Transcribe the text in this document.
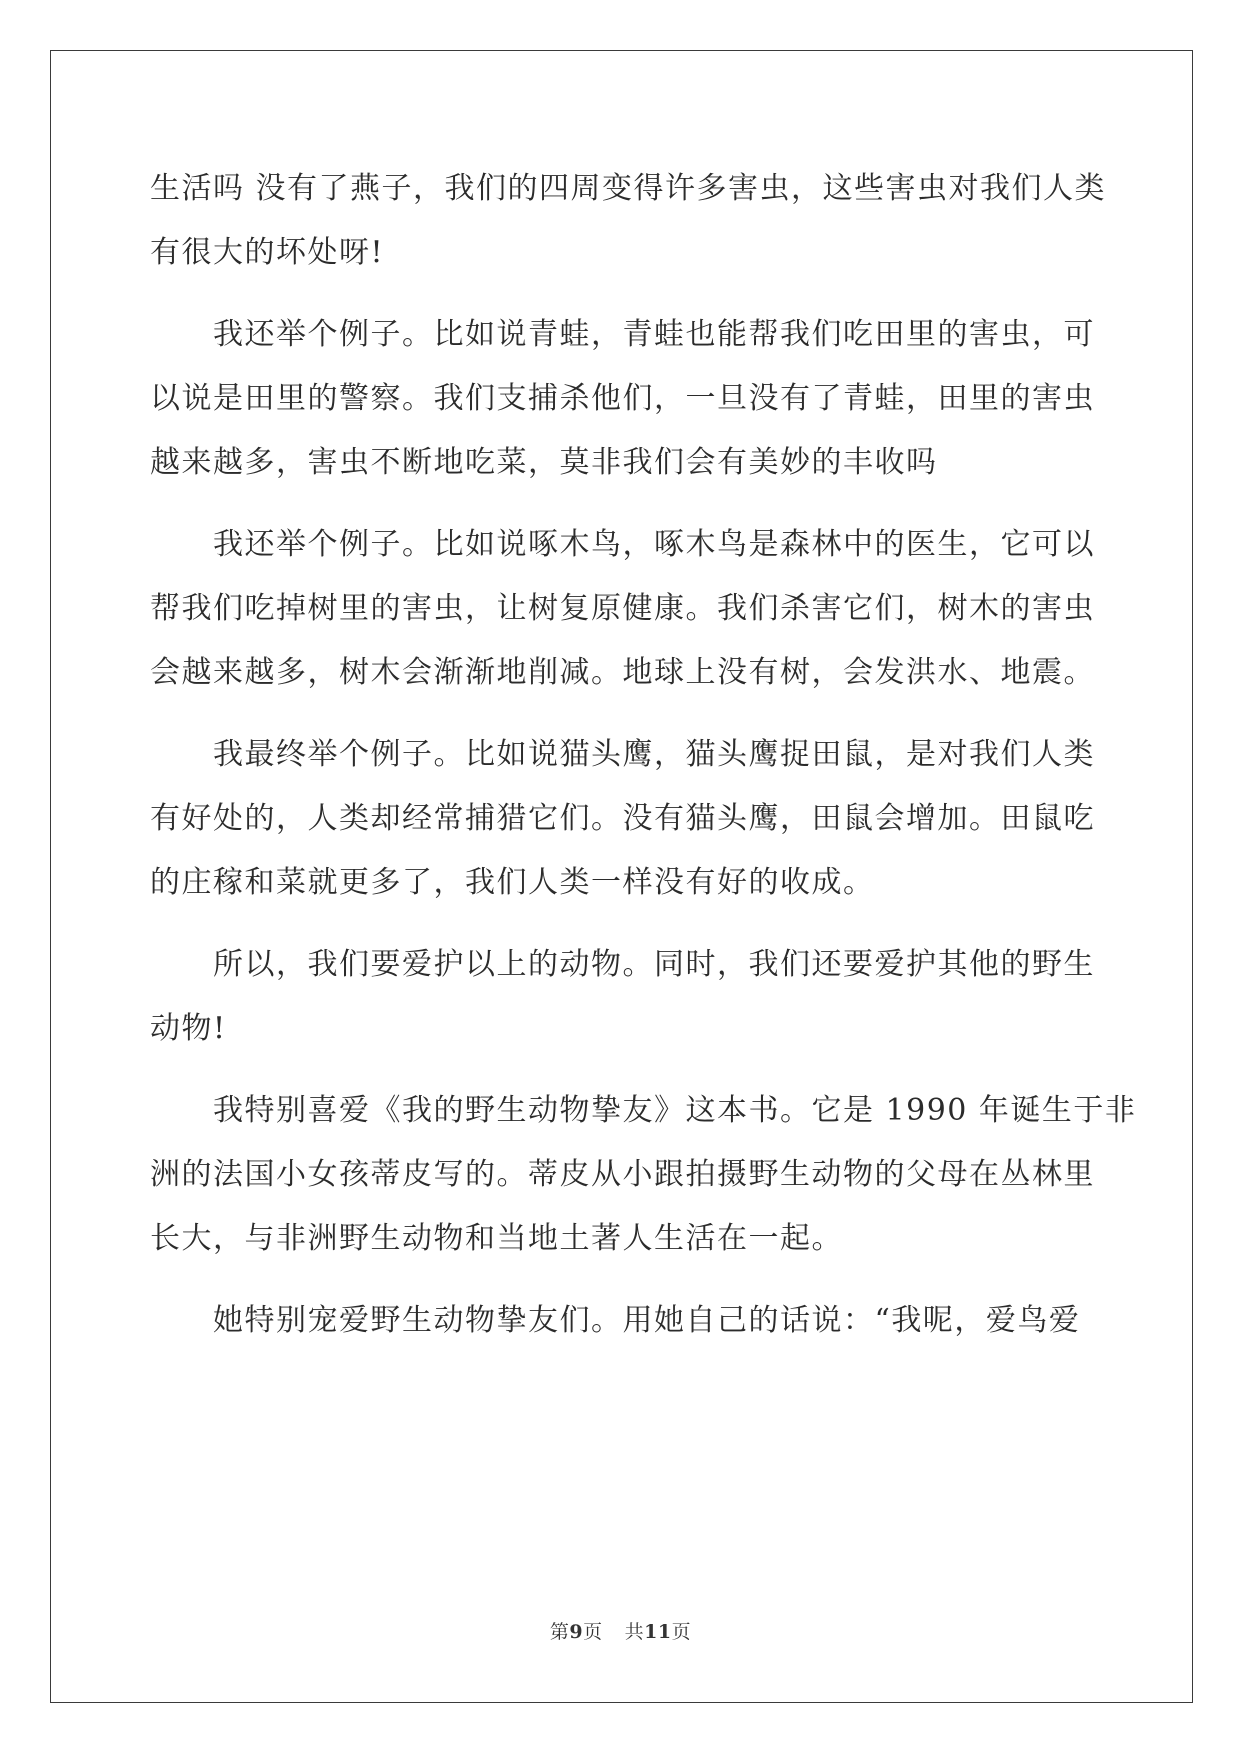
生活吗 没有了燕子，我们的四周变得许多害虫，这些害虫对我们人类
有很大的坏处呀!
　　我还举个例子。比如说青蛙，青蛙也能帮我们吃田里的害虫，可
以说是田里的警察。我们支捕杀他们，一旦没有了青蛙，田里的害虫
越来越多，害虫不断地吃菜，莫非我们会有美妙的丰收吗
　　我还举个例子。比如说啄木鸟，啄木鸟是森林中的医生，它可以
帮我们吃掉树里的害虫，让树复原健康。我们杀害它们，树木的害虫
会越来越多，树木会渐渐地削减。地球上没有树，会发洪水、地震。
　　我最终举个例子。比如说猫头鹰，猫头鹰捉田鼠，是对我们人类
有好处的，人类却经常捕猎它们。没有猫头鹰，田鼠会增加。田鼠吃
的庄稼和菜就更多了，我们人类一样没有好的收成。
　　所以，我们要爱护以上的动物。同时，我们还要爱护其他的野生
动物!
　　我特别喜爱《我的野生动物挚友》这本书。它是 1990 年诞生于非
洲的法国小女孩蒂皮写的。蒂皮从小跟拍摄野生动物的父母在丛林里
长大，与非洲野生动物和当地土著人生活在一起。
　　她特别宠爱野生动物挚友们。用她自己的话说：“我呢，爱鸟爱
第9页 共11页
